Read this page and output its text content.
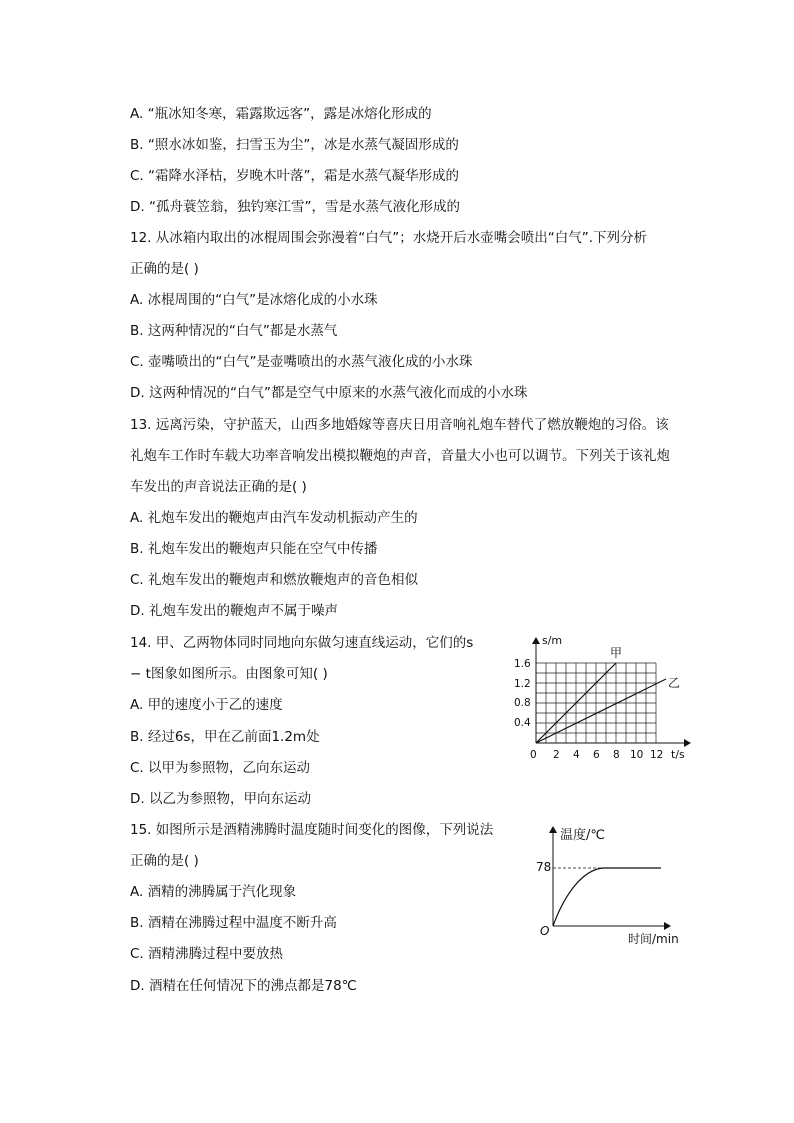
A. “瓶冰知冬寒，霜露欺远客”，露是冰熔化形成的
B. “照水冰如鉴，扫雪玉为尘”，冰是水蒸气凝固形成的
C. “霜降水泽枯，岁晚木叶落”，霜是水蒸气凝华形成的
D. “孤舟蓑笠翁，独钓寒江雪”，雪是水蒸气液化形成的
12. 从冰箱内取出的冰棍周围会弥漫着“白气”；水烧开后水壶嘴会喷出“白气”.下列分析
正确的是( )
A. 冰棍周围的“白气”是冰熔化成的小水珠
B. 这两种情况的“白气”都是水蒸气
C. 壶嘴喷出的“白气”是壶嘴喷出的水蒸气液化成的小水珠
D. 这两种情况的“白气”都是空气中原来的水蒸气液化而成的小水珠
13. 远离污染，守护蓝天，山西多地婚嫁等喜庆日用音响礼炮车替代了燃放鞭炮的习俗。该
礼炮车工作时车载大功率音响发出模拟鞭炮的声音，音量大小也可以调节。下列关于该礼炮
车发出的声音说法正确的是( )
A. 礼炮车发出的鞭炮声由汽车发动机振动产生的
B. 礼炮车发出的鞭炮声只能在空气中传播
C. 礼炮车发出的鞭炮声和燃放鞭炮声的音色相似
D. 礼炮车发出的鞭炮声不属于噪声
14. 甲、乙两物体同时同地向东做匀速直线运动，它们的s
− t图象如图所示。由图象可知( )
A. 甲的速度小于乙的速度
B. 经过6s，甲在乙前面1.2m处
C. 以甲为参照物，乙向东运动
D. 以乙为参照物，甲向东运动
s/m
t/s
甲
乙
1.6
1.2
0.8
0.4
0 2 4 6 8 10 12
15. 如图所示是酒精沸腾时温度随时间变化的图像，下列说法
正确的是( )
A. 酒精的沸腾属于汽化现象
B. 酒精在沸腾过程中温度不断升高
C. 酒精沸腾过程中要放热
D. 酒精在任何情况下的沸点都是78℃
温度/℃
时间/min
O
78
